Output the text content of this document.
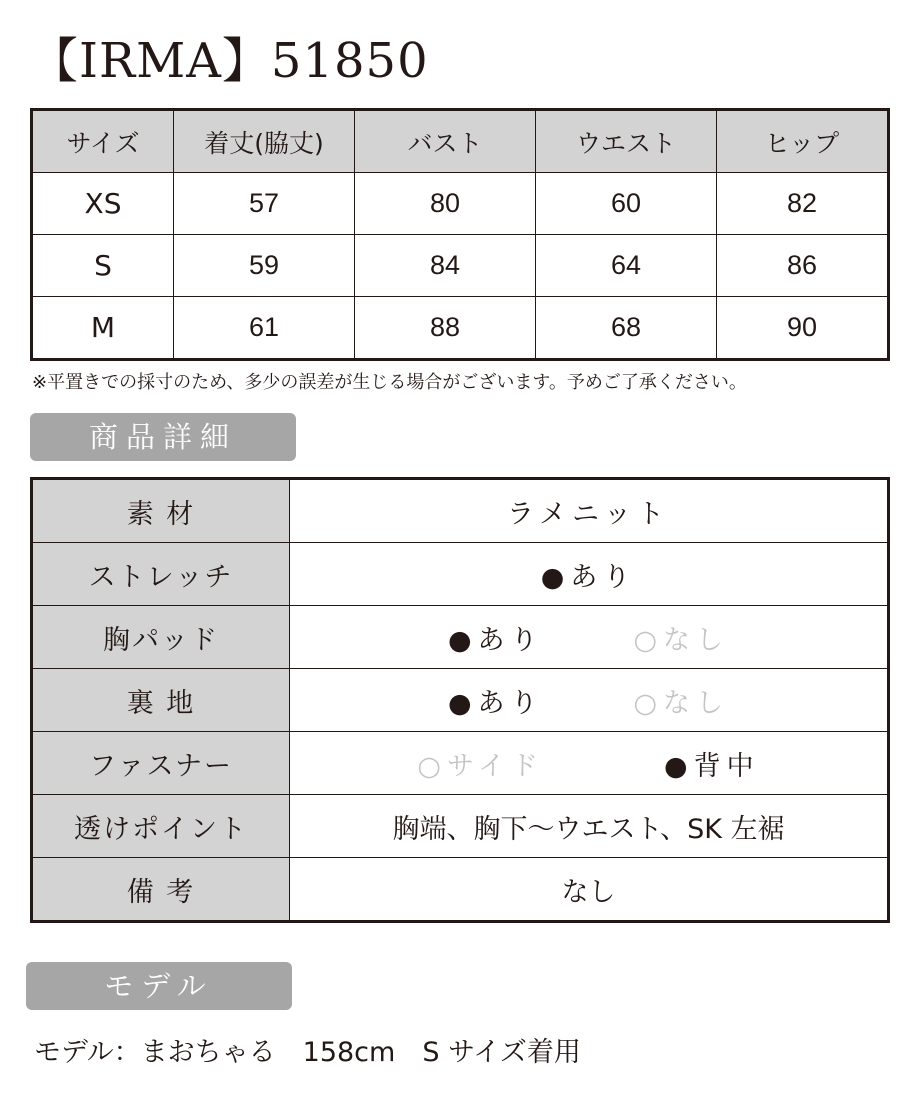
【IRMA】51850
サイズ	着丈(脇丈)	バスト	ウエスト	ヒップ
XS	57	80	60	82
S	59	84	64	86
M	61	88	68	90
※平置きでの採寸のため、多少の誤差が生じる場合がございます。予めご了承ください。
商品詳細
素 材	ラメニット
ストレッチ	●あり
胸パッド	●あり ○なし

裏 地	●あり ○なし

ファスナー	○サイド ●背中

透けポイント	胸端、胸下〜ウエスト、SK 左裾
備 考	なし
モデル
モデル：まおちゃる　158cm　S サイズ着用
